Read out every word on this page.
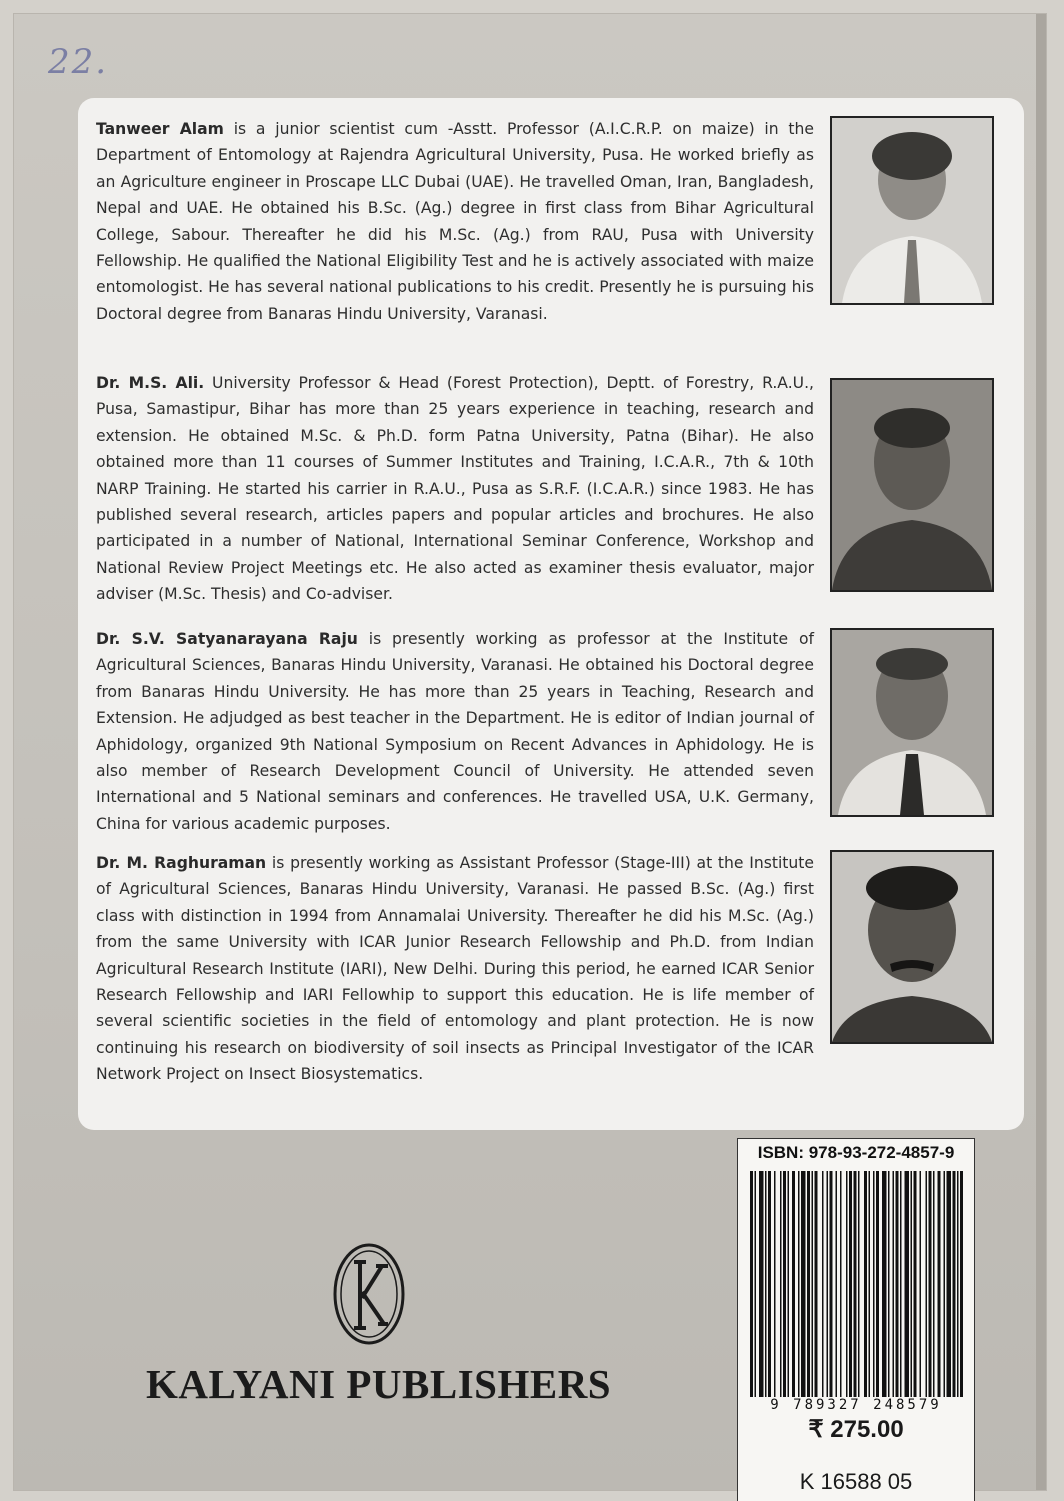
22.

Tanweer Alam is a junior scientist cum -Asstt. Professor (A.I.C.R.P. on maize) in the Department of Entomology at Rajendra Agricultural University, Pusa. He worked briefly as an Agriculture engineer in Proscape LLC Dubai (UAE). He travelled Oman, Iran, Bangladesh, Nepal and UAE. He obtained his B.Sc. (Ag.) degree in first class from Bihar Agricultural College, Sabour. Thereafter he did his M.Sc. (Ag.) from RAU, Pusa with University Fellowship. He qualified the National Eligibility Test and he is actively associated with maize entomologist. He has several national publications to his credit. Presently he is pursuing his Doctoral degree from Banaras Hindu University, Varanasi.

Dr. M.S. Ali. University Professor & Head (Forest Protection), Deptt. of Forestry, R.A.U., Pusa, Samastipur, Bihar has more than 25 years experience in teaching, research and extension. He obtained M.Sc. & Ph.D. form Patna University, Patna (Bihar). He also obtained more than 11 courses of Summer Institutes and Training, I.C.A.R., 7th & 10th NARP Training. He started his carrier in R.A.U., Pusa as S.R.F. (I.C.A.R.) since 1983. He has published several research, articles papers and popular articles and brochures. He also participated in a number of National, International Seminar Conference, Workshop and National Review Project Meetings etc. He also acted as examiner thesis evaluator, major adviser (M.Sc. Thesis) and Co-adviser.

Dr. S.V. Satyanarayana Raju is presently working as professor at the Institute of Agricultural Sciences, Banaras Hindu University, Varanasi. He obtained his Doctoral degree from Banaras Hindu University. He has more than 25 years in Teaching, Research and Extension. He adjudged as best teacher in the Department. He is editor of Indian journal of Aphidology, organized 9th National Symposium on Recent Advances in Aphidology. He is also member of Research Development Council of University. He attended seven International and 5 National seminars and conferences. He travelled USA, U.K. Germany, China for various academic purposes.

Dr. M. Raghuraman is presently working as Assistant Professor (Stage-III) at the Institute of Agricultural Sciences, Banaras Hindu University, Varanasi. He passed B.Sc. (Ag.) first class with distinction in 1994 from Annamalai University. Thereafter he did his M.Sc. (Ag.) from the same University with ICAR Junior Research Fellowship and Ph.D. from Indian Agricultural Research Institute (IARI), New Delhi. During this period, he earned ICAR Senior Research Fellowship and IARI Fellowhip to support this education. He is life member of several scientific societies in the field of entomology and plant protection. He is now continuing his research on biodiversity of soil insects as Principal Investigator of the ICAR Network Project on Insect Biosystematics.

KP
KALYANI PUBLISHERS
ISBN: 978-93-272-4857-9
9 789327 248579
₹ 275.00
K 16588 05
